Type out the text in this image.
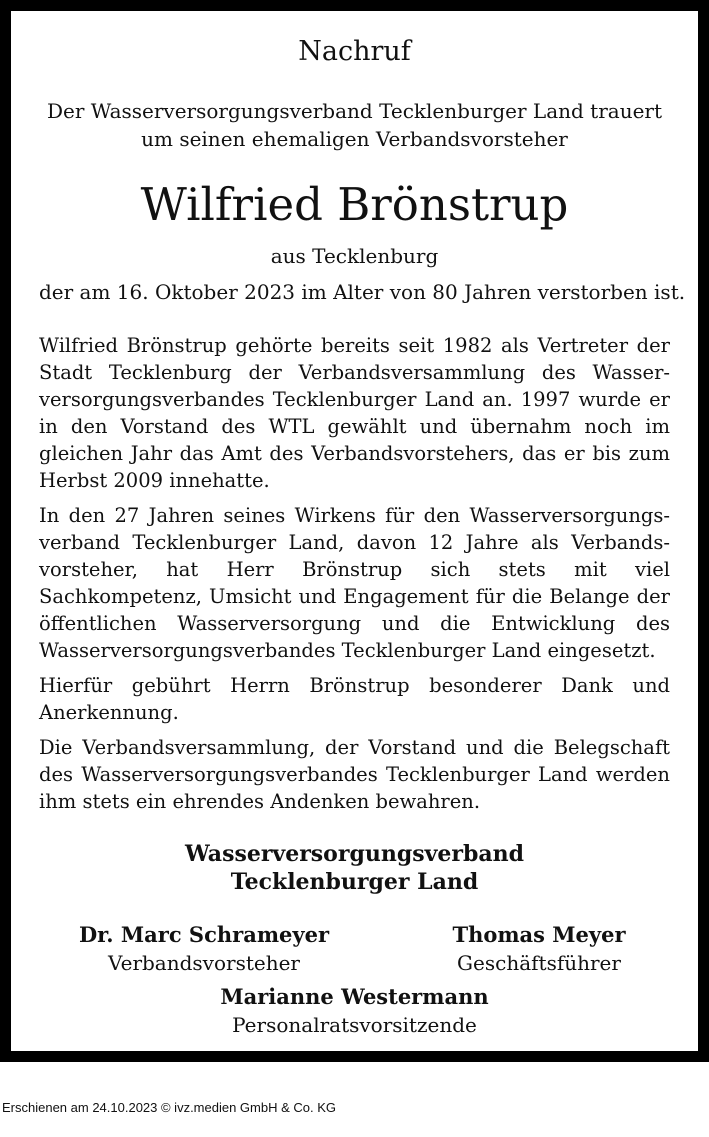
Nachruf
Der Wasserversorgungsverband Tecklenburger Land trauert
um seinen ehemaligen Verbandsvorsteher
Wilfried Brönstrup
aus Tecklenburg
der am 16. Oktober 2023 im Alter von 80 Jahren verstorben ist.

Wilfried Brönstrup gehörte bereits seit 1982 als Vertreter der Stadt Tecklenburg der Verbandsversammlung des Wasserversorgungsverbandes Tecklenburger Land an. 1997 wurde er in den Vorstand des WTL gewählt und übernahm noch im gleichen Jahr das Amt des Verbandsvorstehers, das er bis zum Herbst 2009 innehatte.

In den 27 Jahren seines Wirkens für den Wasserversorgungsverband Tecklenburger Land, davon 12 Jahre als Verbandsvorsteher, hat Herr Brönstrup sich stets mit viel Sachkompetenz, Umsicht und Engagement für die Belange der öffentlichen Wasserversorgung und die Entwicklung des Wasserversorgungsverbandes Tecklenburger Land eingesetzt.

Hierfür gebührt Herrn Brönstrup besonderer Dank und Anerkennung.

Die Verbandsversammlung, der Vorstand und die Belegschaft des Wasserversorgungsverbandes Tecklenburger Land werden ihm stets ein ehrendes Andenken bewahren.

Wasserversorgungsverband
Tecklenburger Land
Dr. Marc Schrameyer
Verbandsvorsteher
Thomas Meyer
Geschäftsführer
Marianne Westermann
Personalratsvorsitzende
Erschienen am 24.10.2023 © ivz.medien GmbH & Co. KG
